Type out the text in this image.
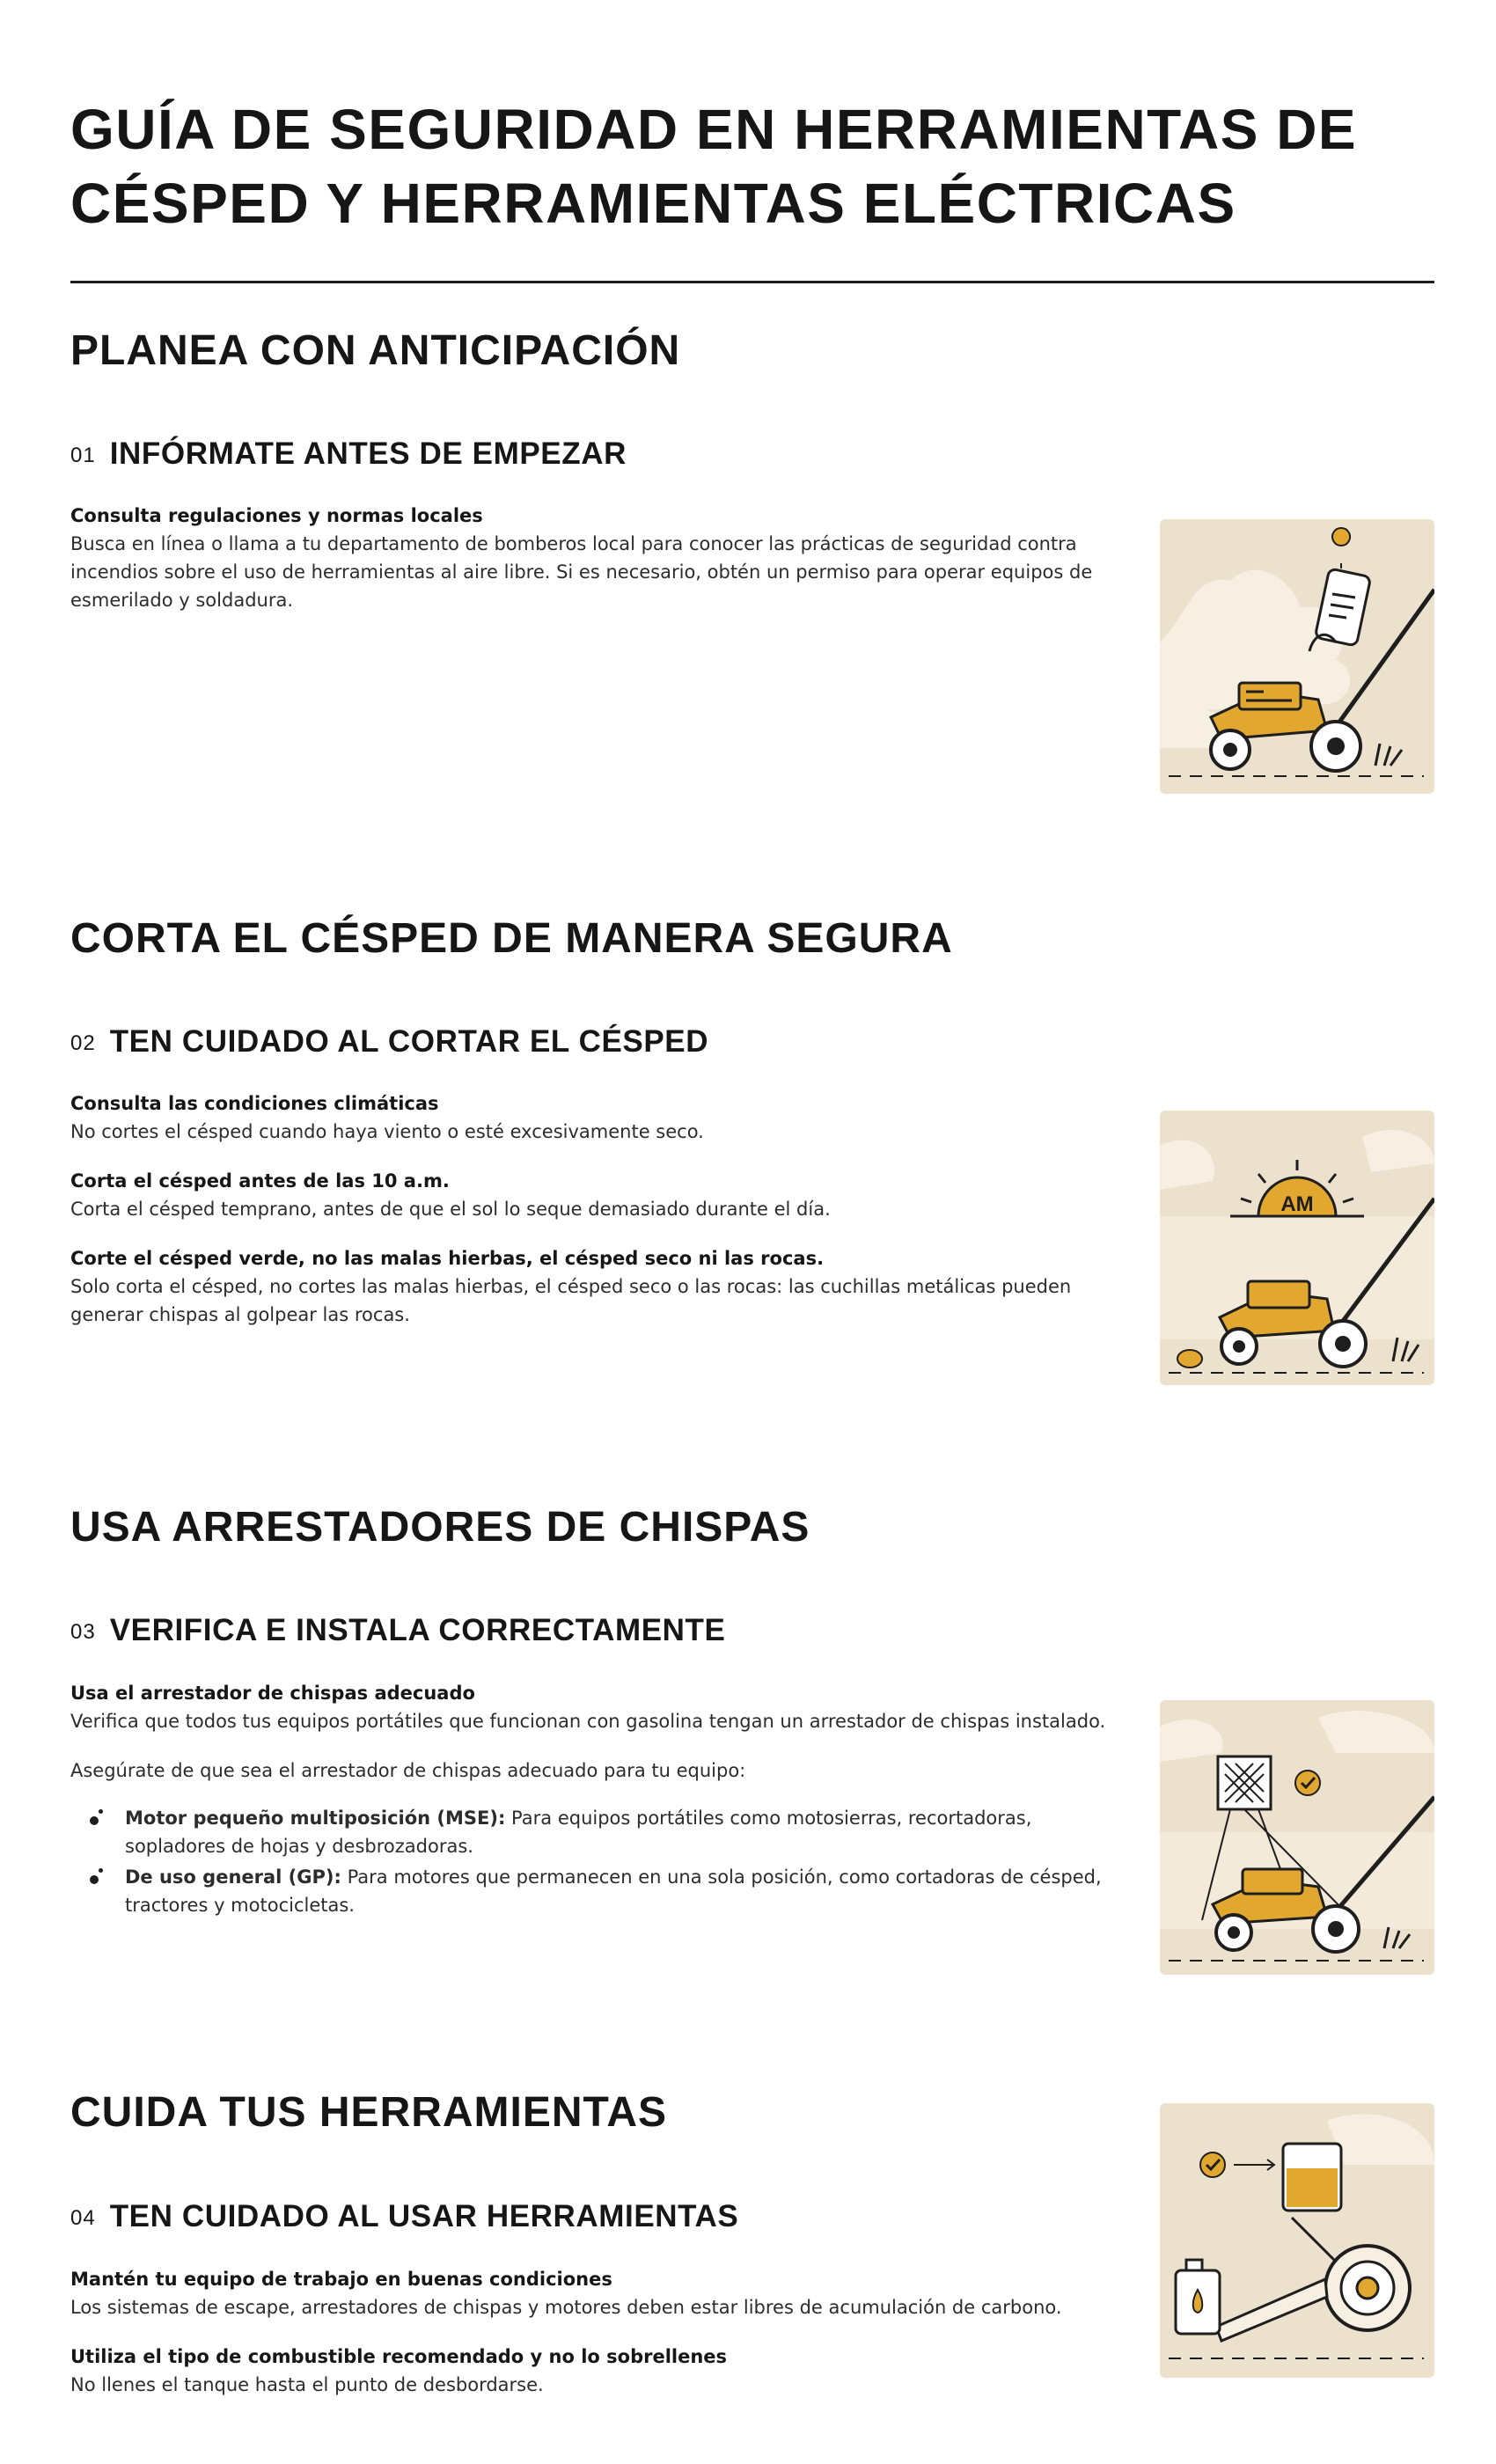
GUÍA DE SEGURIDAD EN HERRAMIENTAS DE CÉSPED Y HERRAMIENTAS ELÉCTRICAS
PLANEA CON ANTICIPACIÓN
01 INFÓRMATE ANTES DE EMPEZAR
Consulta regulaciones y normas locales
Busca en línea o llama a tu departamento de bomberos local para conocer las prácticas de seguridad contra incendios sobre el uso de herramientas al aire libre. Si es necesario, obtén un permiso para operar equipos de esmerilado y soldadura.
CORTA EL CÉSPED DE MANERA SEGURA
02 TEN CUIDADO AL CORTAR EL CÉSPED
Consulta las condiciones climáticas
No cortes el césped cuando haya viento o esté excesivamente seco.
Corta el césped antes de las 10 a.m.
Corta el césped temprano, antes de que el sol lo seque demasiado durante el día.
Corte el césped verde, no las malas hierbas, el césped seco ni las rocas.
Solo corta el césped, no cortes las malas hierbas, el césped seco o las rocas: las cuchillas metálicas pueden generar chispas al golpear las rocas.
AM
USA ARRESTADORES DE CHISPAS
03 VERIFICA E INSTALA CORRECTAMENTE
Usa el arrestador de chispas adecuado
Verifica que todos tus equipos portátiles que funcionan con gasolina tengan un arrestador de chispas instalado.
Asegúrate de que sea el arrestador de chispas adecuado para tu equipo:
Motor pequeño multiposición (MSE): Para equipos portátiles como motosierras, recortadoras, sopladores de hojas y desbrozadoras.
De uso general (GP): Para motores que permanecen en una sola posición, como cortadoras de césped, tractores y motocicletas.
CUIDA TUS HERRAMIENTAS
04 TEN CUIDADO AL USAR HERRAMIENTAS
Mantén tu equipo de trabajo en buenas condiciones
Los sistemas de escape, arrestadores de chispas y motores deben estar libres de acumulación de carbono.
Utiliza el tipo de combustible recomendado y no lo sobrellenes
No llenes el tanque hasta el punto de desbordarse.
